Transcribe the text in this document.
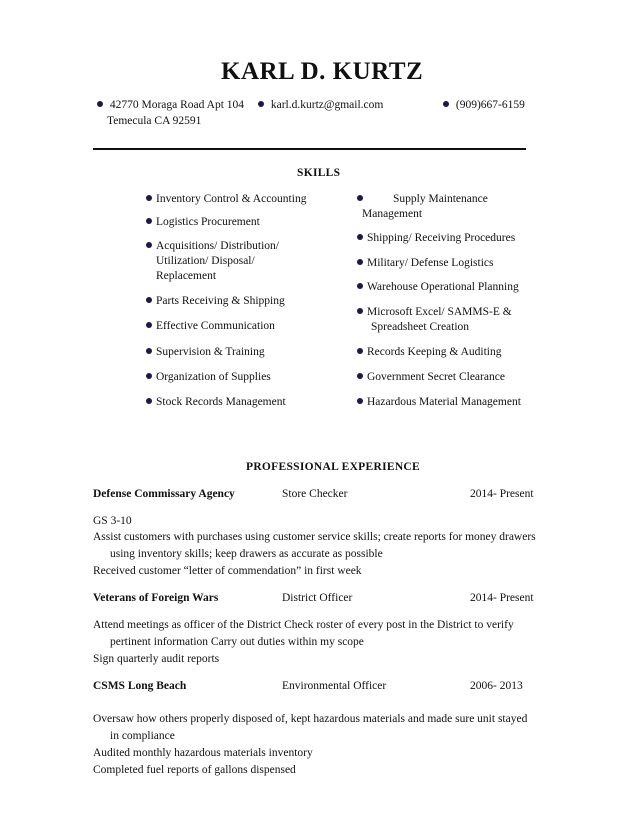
KARL D. KURTZ
42770 Moraga Road Apt 104
Temecula CA 92591
karl.d.kurtz@gmail.com	(909)667-6159
SKILLS
Inventory Control & Accounting
Logistics Procurement
Acquisitions/ Distribution/
Utilization/ Disposal/
Replacement
Parts Receiving & Shipping
Effective Communication
Supervision & Training
Organization of Supplies
Stock Records Management
Supply Maintenance
Management
Shipping/ Receiving Procedures
Military/ Defense Logistics
Warehouse Operational Planning
Microsoft Excel/ SAMMS-E &
Spreadsheet Creation
Records Keeping & Auditing
Government Secret Clearance
Hazardous Material Management
PROFESSIONAL EXPERIENCE
Defense Commissary Agency	Store Checker	2014- Present
GS 3-10
Assist customers with purchases using customer service skills; create reports for money drawers
using inventory skills; keep drawers as accurate as possible
Received customer “letter of commendation” in first week
Veterans of Foreign Wars	District Officer	2014- Present
Attend meetings as officer of the District Check roster of every post in the District to verify
pertinent information Carry out duties within my scope
Sign quarterly audit reports
CSMS Long Beach	Environmental Officer	2006- 2013
Oversaw how others properly disposed of, kept hazardous materials and made sure unit stayed
in compliance
Audited monthly hazardous materials inventory
Completed fuel reports of gallons dispensed
